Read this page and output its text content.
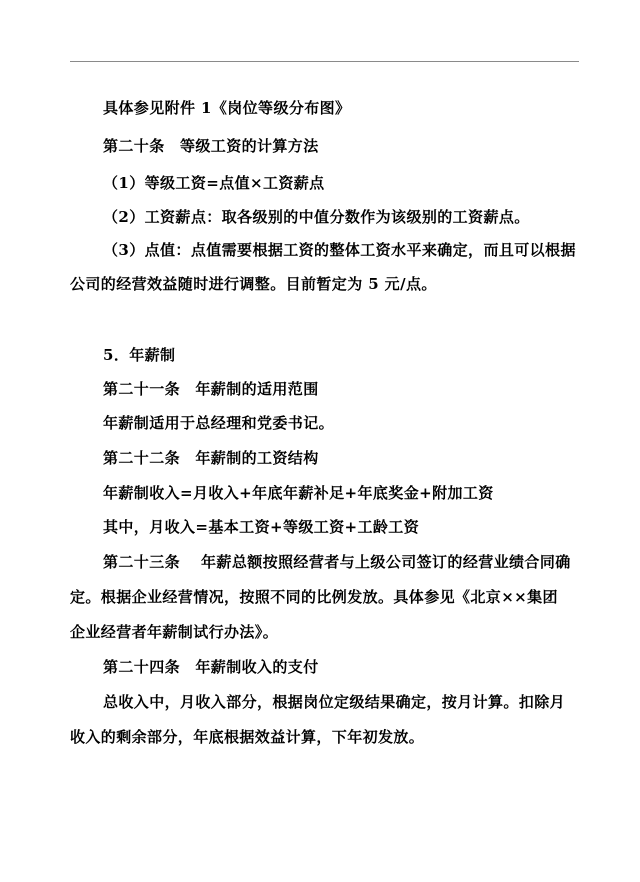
具体参见附件 1《岗位等级分布图》
第二十条　等级工资的计算方法
（1）等级工资=点值×工资薪点
（2）工资薪点：取各级别的中值分数作为该级别的工资薪点。
（3）点值：点值需要根据工资的整体工资水平来确定，而且可以根据
公司的经营效益随时进行调整。目前暂定为 5 元/点。
5．年薪制
第二十一条　年薪制的适用范围
年薪制适用于总经理和党委书记。
第二十二条　年薪制的工资结构
年薪制收入=月收入+年底年薪补足+年底奖金+附加工资
其中，月收入=基本工资+等级工资+工龄工资
第二十三条　 年薪总额按照经营者与上级公司签订的经营业绩合同确
定。根据企业经营情况，按照不同的比例发放。具体参见《北京××集团
企业经营者年薪制试行办法》。
第二十四条　年薪制收入的支付
总收入中，月收入部分，根据岗位定级结果确定，按月计算。扣除月
收入的剩余部分，年底根据效益计算，下年初发放。
